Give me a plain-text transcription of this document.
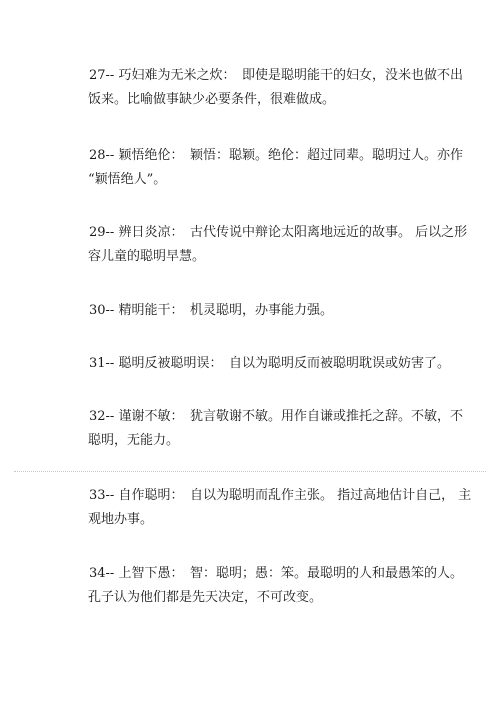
27-- 巧妇难为无米之炊：　即使是聪明能干的妇女，没米也做不出
饭来。比喻做事缺少必要条件，很难做成。
28-- 颖悟绝伦：　颖悟：聪颖。绝伦：超过同辈。聪明过人。亦作
“颖悟绝人”。
29-- 辨日炎凉：　古代传说中辩论太阳离地远近的故事。 后以之形
容儿童的聪明早慧。
30-- 精明能干：　机灵聪明，办事能力强。
31-- 聪明反被聪明误：　自以为聪明反而被聪明耽误或妨害了。
32-- 谨谢不敏：　犹言敬谢不敏。用作自谦或推托之辞。不敏，不
聪明，无能力。
33-- 自作聪明：　自以为聪明而乱作主张。 指过高地估计自己， 主
观地办事。
34-- 上智下愚：　智：聪明；愚：笨。最聪明的人和最愚笨的人。
孔子认为他们都是先天决定，不可改变。
